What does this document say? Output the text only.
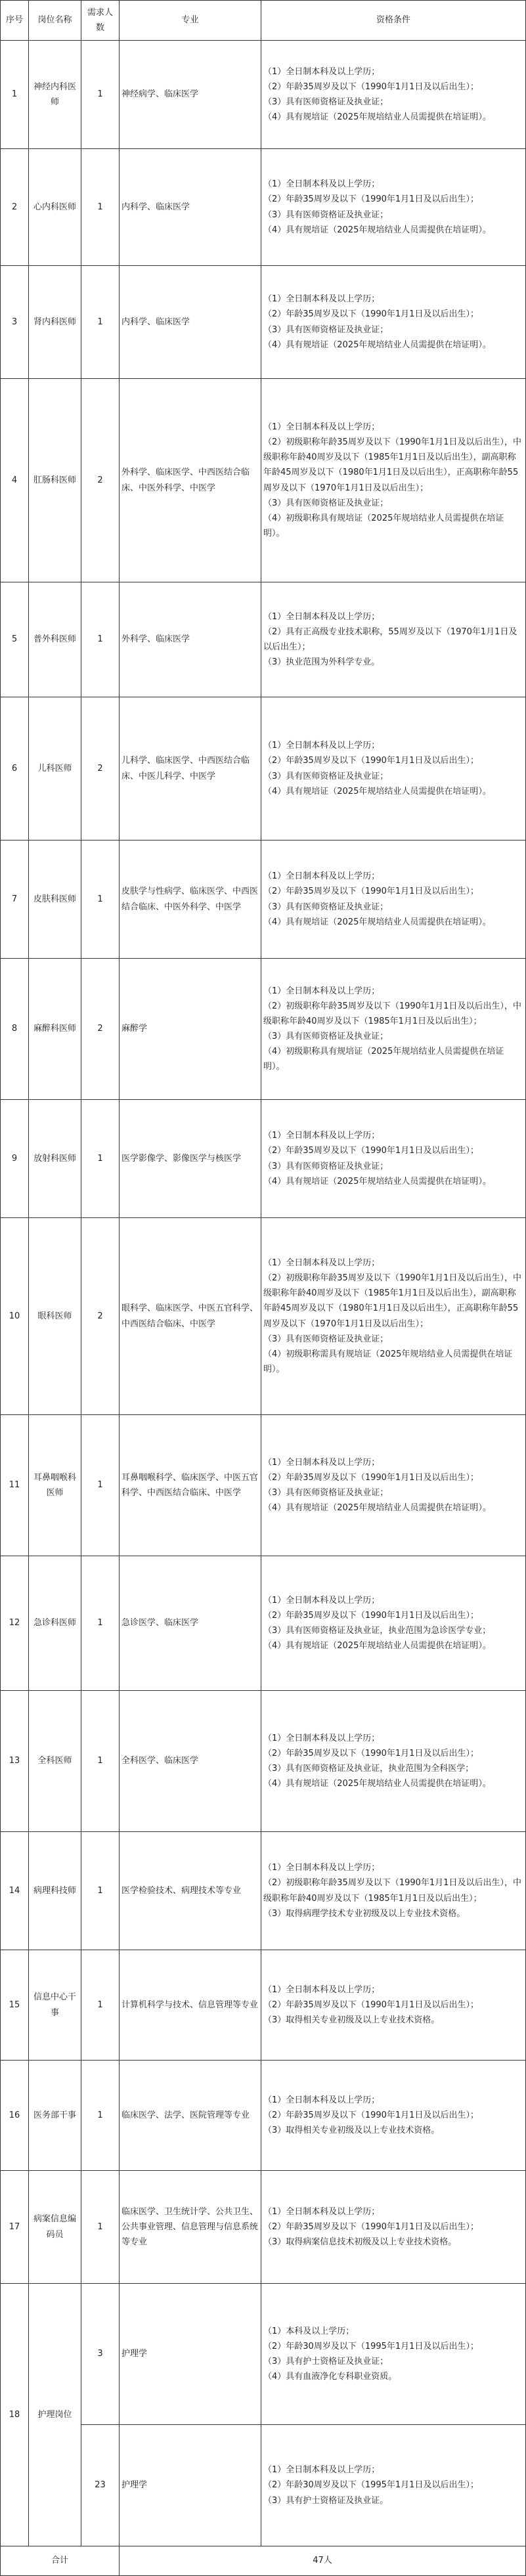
序号	岗位名称	需求人数	专业	资格条件
1	神经内科医师	1	神经病学、临床医学	（1）全日制本科及以上学历；
（2）年龄35周岁及以下（1990年1月1日及以后出生）；
（3）具有医师资格证及执业证；
（4）具有规培证（2025年规培结业人员需提供在培证明）。

2	心内科医师	1	内科学、临床医学	（1）全日制本科及以上学历；
（2）年龄35周岁及以下（1990年1月1日及以后出生）；
（3）具有医师资格证及执业证；
（4）具有规培证（2025年规培结业人员需提供在培证明）。

3	肾内科医师	1	内科学、临床医学	（1）全日制本科及以上学历；
（2）年龄35周岁及以下（1990年1月1日及以后出生）；
（3）具有医师资格证及执业证；
（4）具有规培证（2025年规培结业人员需提供在培证明）。

4	肛肠科医师	2	外科学、临床医学、中西医结合临床、中医外科学、中医学	（1）全日制本科及以上学历；
（2）初级职称年龄35周岁及以下（1990年1月1日及以后出生），中级职称年龄40周岁及以下（1985年1月1日及以后出生），副高职称年龄45周岁及以下（1980年1月1日及以后出生），正高职称年龄55周岁及以下（1970年1月1日及以后出生）；
（3）具有医师资格证及执业证；
（4）初级职称具有规培证（2025年规培结业人员需提供在培证明）。

5	普外科医师	1	外科学、临床医学	（1）全日制本科及以上学历；
（2）具有正高级专业技术职称，55周岁及以下（1970年1月1日及以后出生）；
（3）执业范围为外科学专业。

6	儿科医师	2	儿科学、临床医学、中西医结合临床、中医儿科学、中医学	（1）全日制本科及以上学历；
（2）年龄35周岁及以下（1990年1月1日及以后出生）；
（3）具有医师资格证及执业证；
（4）具有规培证（2025年规培结业人员需提供在培证明）。

7	皮肤科医师	1	皮肤学与性病学、临床医学、中西医结合临床、中医外科学、中医学	（1）全日制本科及以上学历；
（2）年龄35周岁及以下（1990年1月1日及以后出生）；
（3）具有医师资格证及执业证；
（4）具有规培证（2025年规培结业人员需提供在培证明）。

8	麻醉科医师	2	麻醉学	（1）全日制本科及以上学历；
（2）初级职称年龄35周岁及以下（1990年1月1日及以后出生），中级职称年龄40周岁及以下（1985年1月1日及以后出生）；
（3）具有医师资格证及执业证；
（4）初级职称具有规培证（2025年规培结业人员需提供在培证明）。

9	放射科医师	1	医学影像学、影像医学与核医学	（1）全日制本科及以上学历；
（2）年龄35周岁及以下（1990年1月1日及以后出生）；
（3）具有医师资格证及执业证；
（4）具有规培证（2025年规培结业人员需提供在培证明）。

10	眼科医师	2	眼科学、临床医学、中医五官科学、中西医结合临床、中医学	（1）全日制本科及以上学历；
（2）初级职称年龄35周岁及以下（1990年1月1日及以后出生），中级职称年龄40周岁及以下（1985年1月1日及以后出生），副高职称年龄45周岁及以下（1980年1月1日及以后出生），正高职称年龄55周岁及以下（1970年1月1日及以后出生）；
（3）具有医师资格证及执业证；
（4）初级职称需具有规培证（2025年规培结业人员需提供在培证明）。

11	耳鼻咽喉科医师	1	耳鼻咽喉科学、临床医学、中医五官科学、中西医结合临床、中医学	（1）全日制本科及以上学历；
（2）年龄35周岁及以下（1990年1月1日及以后出生）；
（3）具有医师资格证及执业证；
（4）具有规培证（2025年规培结业人员需提供在培证明）。

12	急诊科医师	1	急诊医学、临床医学	（1）全日制本科及以上学历；
（2）年龄35周岁及以下（1990年1月1日及以后出生）；
（3）具有医师资格证及执业证，执业范围为急诊医学专业；
（4）具有规培证（2025年规培结业人员需提供在培证明）。

13	全科医师	1	全科医学、临床医学	（1）全日制本科及以上学历；
（2）年龄35周岁及以下（1990年1月1日及以后出生）；
（3）具有医师资格证及执业证，执业范围为全科医学；
（4）具有规培证（2025年规培结业人员需提供在培证明）。

14	病理科技师	1	医学检验技术、病理技术等专业	（1）全日制本科及以上学历；
（2）初级职称年龄35周岁及以下（1990年1月1日及以后出生），中级职称年龄40周岁及以下（1985年1月1日及以后出生）；
（3）取得病理学技术专业初级及以上专业技术资格。

15	信息中心干事	1	计算机科学与技术、信息管理等专业	（1）全日制本科及以上学历；
（2）年龄35周岁及以下（1990年1月1日及以后出生）；
（3）取得相关专业初级及以上专业技术资格。

16	医务部干事	1	临床医学、法学、医院管理等专业	（1）全日制本科及以上学历；
（2）年龄35周岁及以下（1990年1月1日及以后出生）；
（3）取得相关专业初级及以上专业技术资格。

17	病案信息编码员	1	临床医学、卫生统计学、公共卫生、公共事业管理、信息管理与信息系统等专业	（1）全日制本科及以上学历；
（2）年龄35周岁及以下（1990年1月1日及以后出生）；
（3）取得病案信息技术初级及以上专业技术资格。

18	护理岗位	3	护理学	（1）本科及以上学历；
（2）年龄30周岁及以下（1995年1月1日及以后出生）；
（3）具有护士资格证及执业证；
（4）具有血液净化专科职业资质。

		23	护理学	（1）全日制本科及以上学历；
（2）年龄30周岁及以下（1995年1月1日及以后出生）；
（3）具有护士资格证及执业证。

合计			47人	
